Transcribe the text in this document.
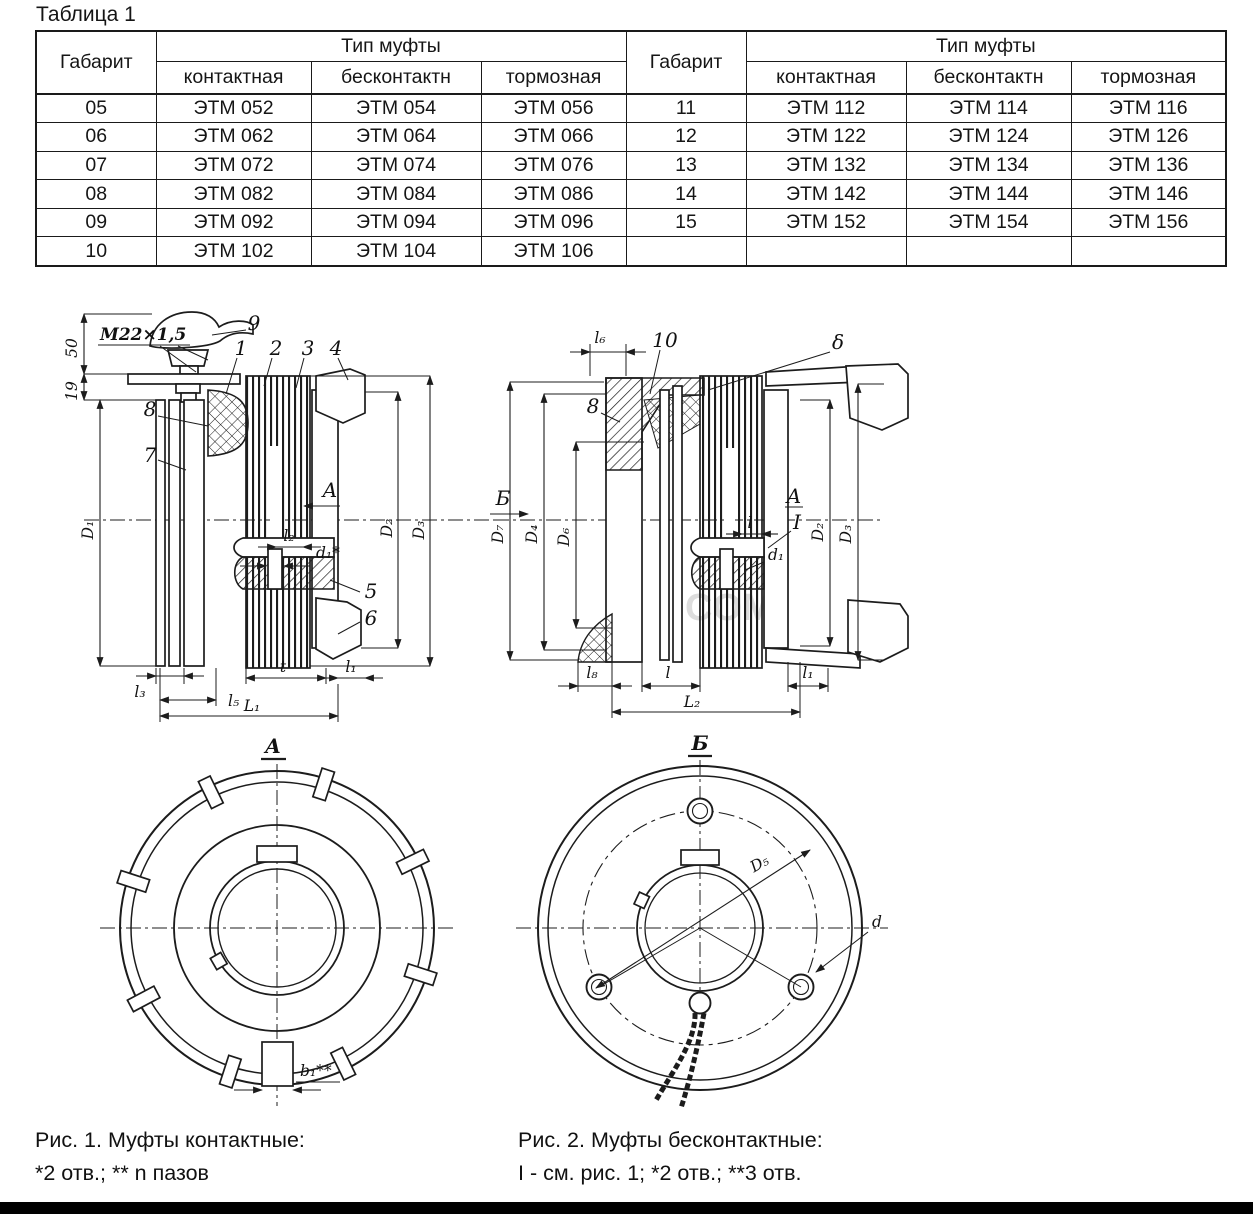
Таблица 1
Габарит	Тип муфты			Габарит	Тип муфты		
	контактная	бесконтактн	тормозная		контактная	бесконтактн	тормозная
05	ЭТМ 052	ЭТМ 054	ЭТМ 056	11	ЭТМ 112	ЭТМ 114	ЭТМ 116
06	ЭТМ 062	ЭТМ 064	ЭТМ 066	12	ЭТМ 122	ЭТМ 124	ЭТМ 126
07	ЭТМ 072	ЭТМ 074	ЭТМ 076	13	ЭТМ 132	ЭТМ 134	ЭТМ 136
08	ЭТМ 082	ЭТМ 084	ЭТМ 086	14	ЭТМ 142	ЭТМ 144	ЭТМ 146
09	ЭТМ 092	ЭТМ 094	ЭТМ 096	15	ЭТМ 152	ЭТМ 154	ЭТМ 156
10	ЭТМ 102	ЭТМ 104	ЭТМ 106				
А
50
19
М22×1,5
D₁	D₂ D₃
l₂
d₁*
l₃
t	l₁
l₅ L₁
9
1 2 3 4
8
7
5
6
А
Б
δ
10
8
l₆
D₇ D₄ D₆	D₂ D₃
А
I
l
d₁
l₈	l	l₁
L₂
Б
b₁**
D₅
d
Рис. 1. Муфты контактные:
*2 отв.; ** n пазов
Рис. 2. Муфты бесконтактные:
I - см. рис. 1; *2 отв.; **3 отв.
